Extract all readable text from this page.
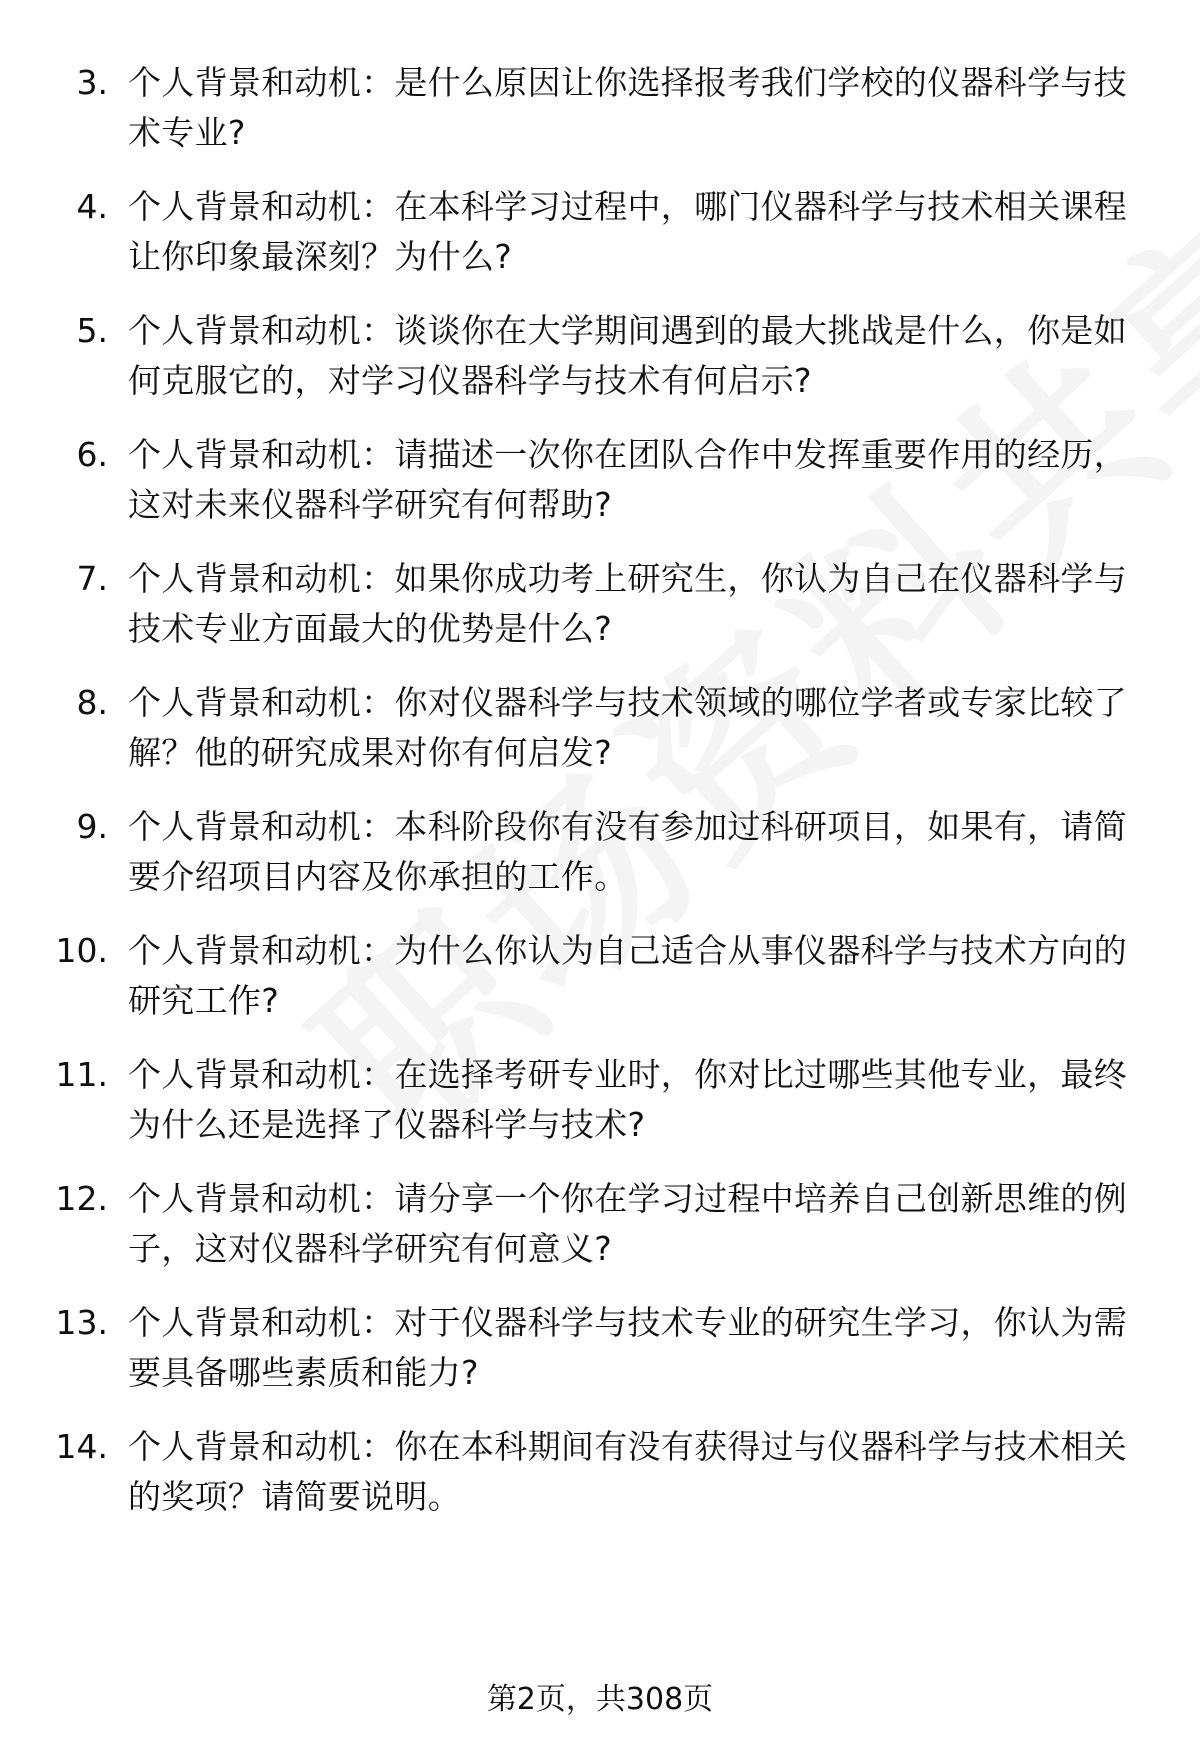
3. 个人背景和动机：是什么原因让你选择报考我们学校的仪器科学与技术专业?
4. 个人背景和动机：在本科学习过程中，哪门仪器科学与技术相关课程让你印象最深刻？为什么?
5. 个人背景和动机：谈谈你在大学期间遇到的最大挑战是什么，你是如何克服它的，对学习仪器科学与技术有何启示?
6. 个人背景和动机：请描述一次你在团队合作中发挥重要作用的经历，这对未来仪器科学研究有何帮助?
7. 个人背景和动机：如果你成功考上研究生，你认为自己在仪器科学与技术专业方面最大的优势是什么?
8. 个人背景和动机：你对仪器科学与技术领域的哪位学者或专家比较了解？他的研究成果对你有何启发?
9. 个人背景和动机：本科阶段你有没有参加过科研项目，如果有，请简要介绍项目内容及你承担的工作。
10. 个人背景和动机：为什么你认为自己适合从事仪器科学与技术方向的研究工作?
11. 个人背景和动机：在选择考研专业时，你对比过哪些其他专业，最终为什么还是选择了仪器科学与技术?
12. 个人背景和动机：请分享一个你在学习过程中培养自己创新思维的例子，这对仪器科学研究有何意义?
13. 个人背景和动机：对于仪器科学与技术专业的研究生学习，你认为需要具备哪些素质和能力?
14. 个人背景和动机：你在本科期间有没有获得过与仪器科学与技术相关的奖项？请简要说明。
第2页，共308页
